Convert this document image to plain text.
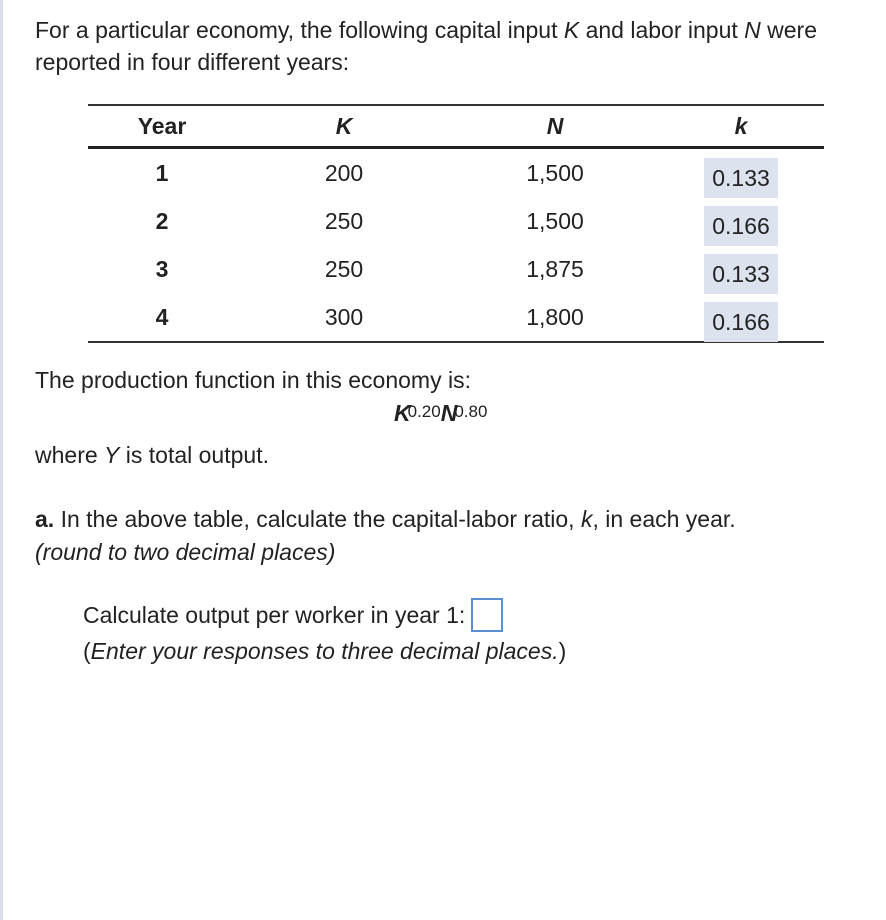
For a particular economy, the following capital input K and labor input N were reported in four different years:
Year	K	N	k
1	200	1,500	0.133
2	250	1,500	0.166
3	250	1,875	0.133
4	300	1,800	0.166
The production function in this economy is:
$K^{0.20}N^{0.80}$
where Y is total output.
a. In the above table, calculate the capital-labor ratio, k, in each year.
(round to two decimal places)
Calculate output per worker in year 1:
(Enter your responses to three decimal places.)
